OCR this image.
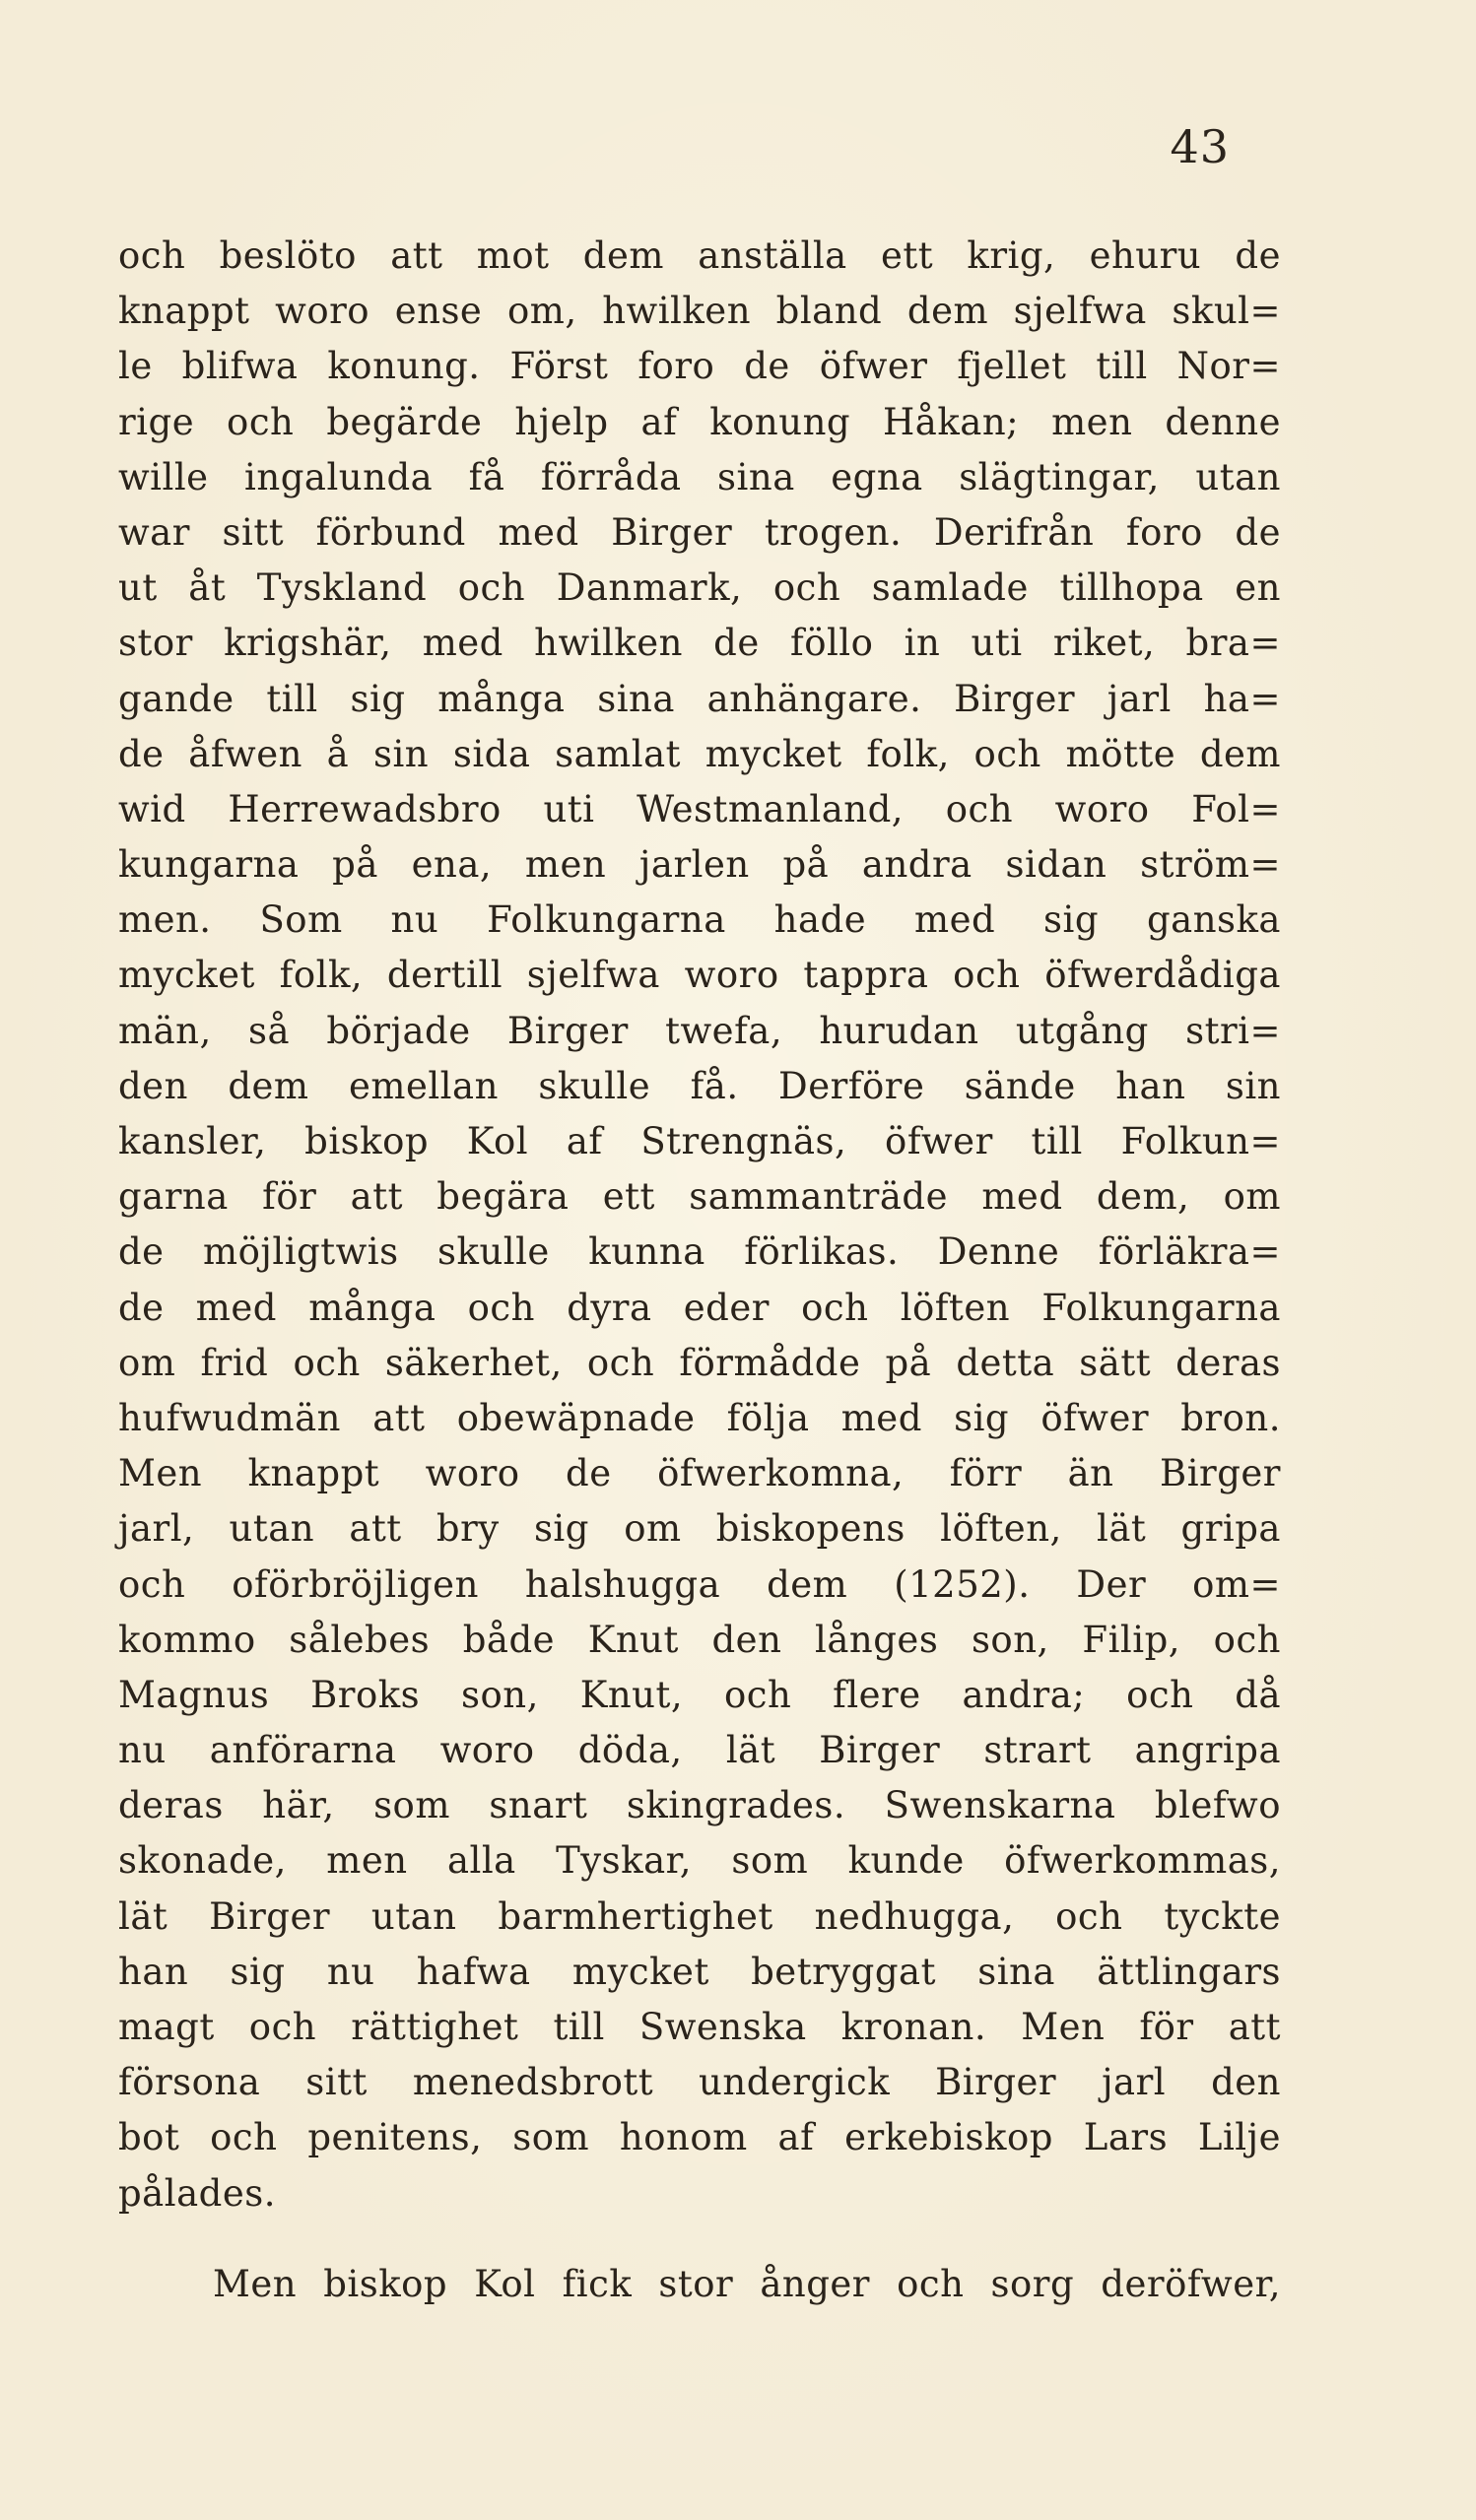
43
och beslöto att mot dem anställa ett krig, ehuru de
knappt woro ense om, hwilken bland dem sjelfwa skul=
le blifwa konung. Först foro de öfwer fjellet till Nor=
rige och begärde hjelp af konung Håkan; men denne
wille ingalunda få förråda sina egna slägtingar, utan
war sitt förbund med Birger trogen. Derifrån foro de
ut åt Tyskland och Danmark, och samlade tillhopa en
stor krigshär, med hwilken de föllo in uti riket, bra=
gande till sig många sina anhängare. Birger jarl ha=
de åfwen å sin sida samlat mycket folk, och mötte dem
wid Herrewadsbro uti Westmanland, och woro Fol=
kungarna på ena, men jarlen på andra sidan ström=
men. Som nu Folkungarna hade med sig ganska
mycket folk, dertill sjelfwa woro tappra och öfwerdådiga
män, så började Birger twefa, hurudan utgång stri=
den dem emellan skulle få. Derföre sände han sin
kansler, biskop Kol af Strengnäs, öfwer till Folkun=
garna för att begära ett sammanträde med dem, om
de möjligtwis skulle kunna förlikas. Denne förläkra=
de med många och dyra eder och löften Folkungarna
om frid och säkerhet, och förmådde på detta sätt deras
hufwudmän att obewäpnade följa med sig öfwer bron.
Men knappt woro de öfwerkomna, förr än Birger
jarl, utan att bry sig om biskopens löften, lät gripa
och oförbröjligen halshugga dem (1252). Der om=
kommo sålebes både Knut den långes son, Filip, och
Magnus Broks son, Knut, och flere andra; och då
nu anförarna woro döda, lät Birger strart angripa
deras här, som snart skingrades. Swenskarna blefwo
skonade, men alla Tyskar, som kunde öfwerkommas,
lät Birger utan barmhertighet nedhugga, och tyckte
han sig nu hafwa mycket betryggat sina ättlingars
magt och rättighet till Swenska kronan. Men för att
försona sitt menedsbrott undergick Birger jarl den
bot och penitens, som honom af erkebiskop Lars Lilje
pålades.
Men biskop Kol fick stor ånger och sorg deröfwer,
